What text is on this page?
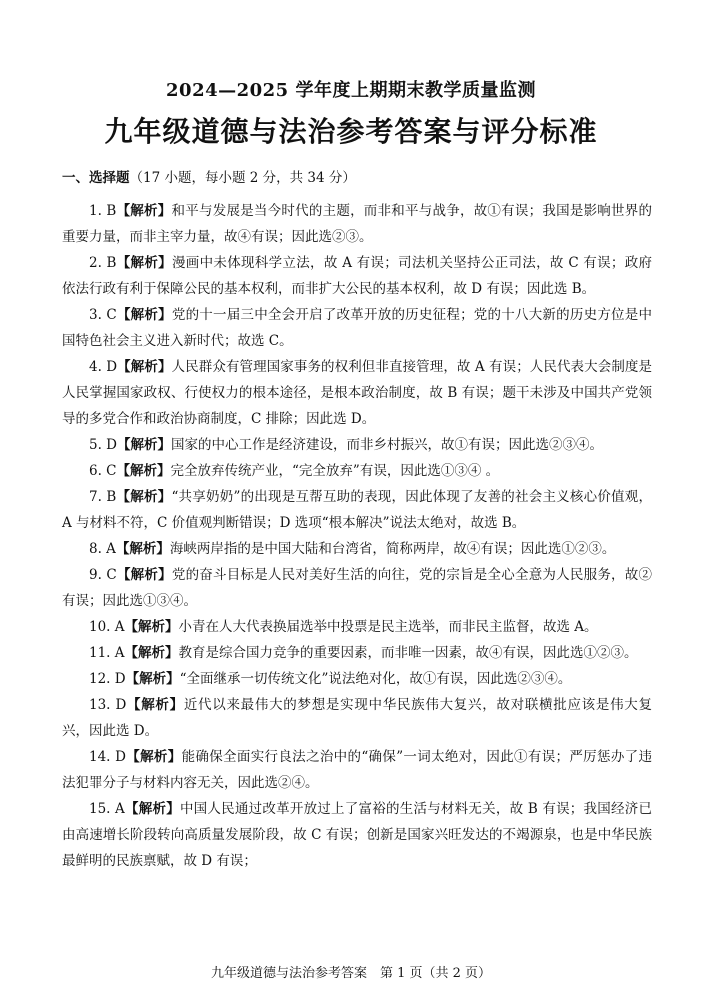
2024—2025 学年度上期期末教学质量监测
九年级道德与法治参考答案与评分标准
一、选择题（17 小题，每小题 2 分，共 34 分）

1. B【解析】和平与发展是当今时代的主题，而非和平与战争，故①有误；我国是影响世界的重要力量，而非主宰力量，故④有误；因此选②③。

2. B【解析】漫画中未体现科学立法，故 A 有误；司法机关坚持公正司法，故 C 有误；政府依法行政有利于保障公民的基本权利，而非扩大公民的基本权利，故 D 有误；因此选 B。

3. C【解析】党的十一届三中全会开启了改革开放的历史征程；党的十八大新的历史方位是中国特色社会主义进入新时代；故选 C。

4. D【解析】人民群众有管理国家事务的权利但非直接管理，故 A 有误；人民代表大会制度是人民掌握国家政权、行使权力的根本途径，是根本政治制度，故 B 有误；题干未涉及中国共产党领导的多党合作和政治协商制度，C 排除；因此选 D。

5. D【解析】国家的中心工作是经济建设，而非乡村振兴，故①有误；因此选②③④。

6. C【解析】完全放弃传统产业，“完全放弃”有误，因此选①③④ 。

7. B【解析】“共享奶奶”的出现是互帮互助的表现，因此体现了友善的社会主义核心价值观，A 与材料不符，C 价值观判断错误；D 选项“根本解决”说法太绝对，故选 B。

8. A【解析】海峡两岸指的是中国大陆和台湾省，简称两岸，故④有误；因此选①②③。

9. C【解析】党的奋斗目标是人民对美好生活的向往，党的宗旨是全心全意为人民服务，故②有误；因此选①③④。

10. A【解析】小青在人大代表换届选举中投票是民主选举，而非民主监督，故选 A。

11. A【解析】教育是综合国力竞争的重要因素，而非唯一因素，故④有误，因此选①②③。

12. D【解析】“全面继承一切传统文化”说法绝对化，故①有误，因此选②③④。

13. D【解析】近代以来最伟大的梦想是实现中华民族伟大复兴，故对联横批应该是伟大复兴，因此选 D。

14. D【解析】能确保全面实行良法之治中的“确保”一词太绝对，因此①有误；严厉惩办了违法犯罪分子与材料内容无关，因此选②④。

15. A【解析】中国人民通过改革开放过上了富裕的生活与材料无关，故 B 有误；我国经济已由高速增长阶段转向高质量发展阶段，故 C 有误；创新是国家兴旺发达的不竭源泉，也是中华民族最鲜明的民族禀赋，故 D 有误；

九年级道德与法治参考答案　第 1 页（共 2 页）
